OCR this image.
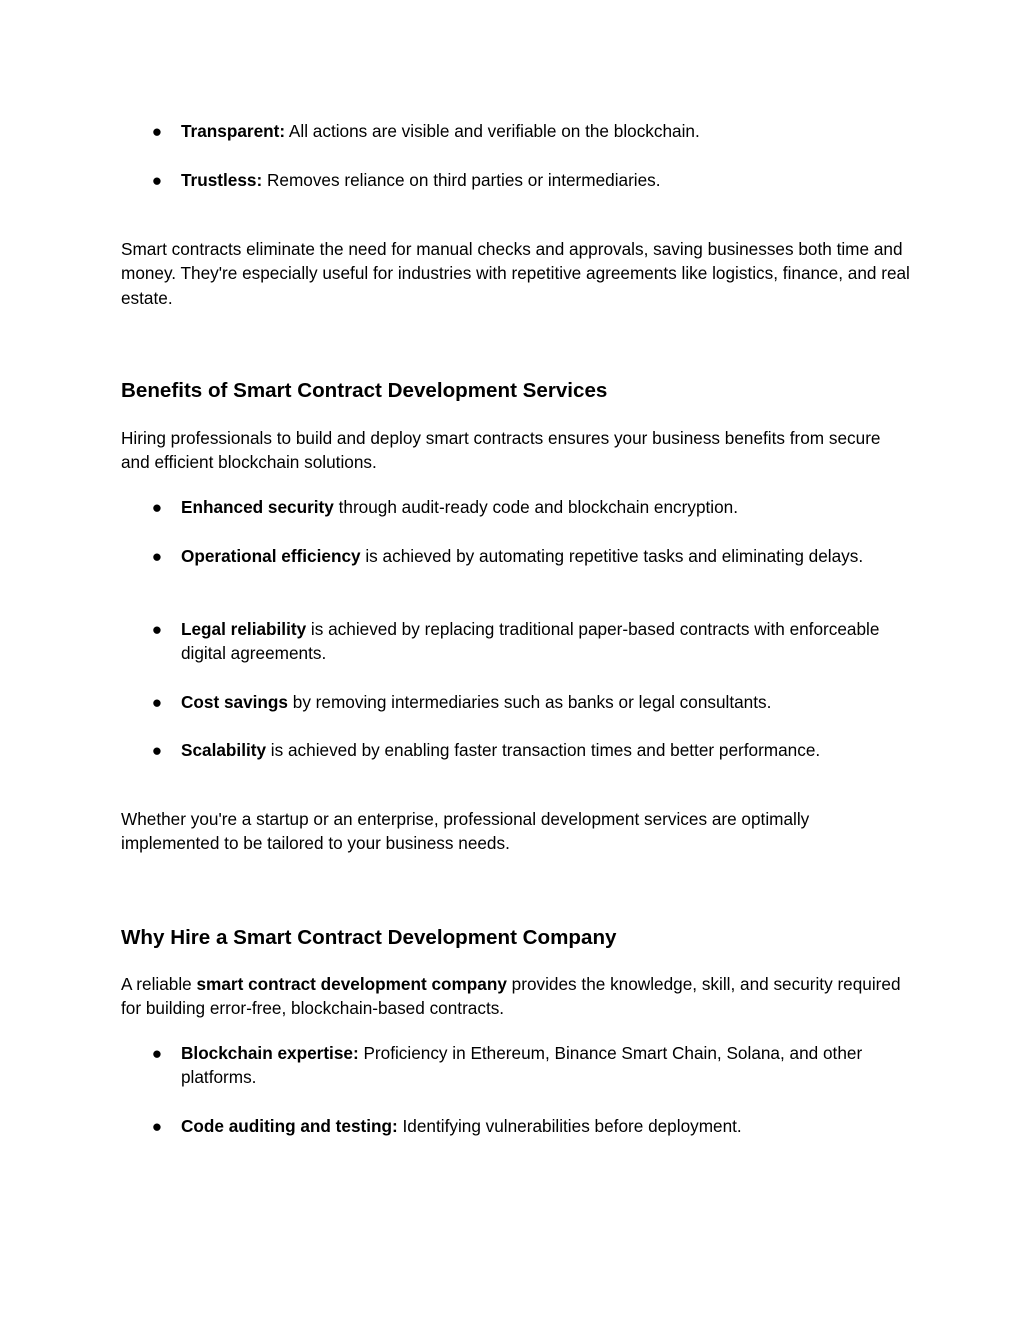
● Transparent: All actions are visible and verifiable on the blockchain.
● Trustless: Removes reliance on third parties or intermediaries.

Smart contracts eliminate the need for manual checks and approvals, saving businesses both time and money. They're especially useful for industries with repetitive agreements like logistics, finance, and real estate.

Benefits of Smart Contract Development Services

Hiring professionals to build and deploy smart contracts ensures your business benefits from secure and efficient blockchain solutions.

● Enhanced security through audit-ready code and blockchain encryption.
● Operational efficiency is achieved by automating repetitive tasks and eliminating delays.
● Legal reliability is achieved by replacing traditional paper-based contracts with enforceable digital agreements.
● Cost savings by removing intermediaries such as banks or legal consultants.
● Scalability is achieved by enabling faster transaction times and better performance.

Whether you're a startup or an enterprise, professional development services are optimally implemented to be tailored to your business needs.

Why Hire a Smart Contract Development Company

A reliable smart contract development company provides the knowledge, skill, and security required for building error-free, blockchain-based contracts.

● Blockchain expertise: Proficiency in Ethereum, Binance Smart Chain, Solana, and other platforms.
● Code auditing and testing: Identifying vulnerabilities before deployment.
